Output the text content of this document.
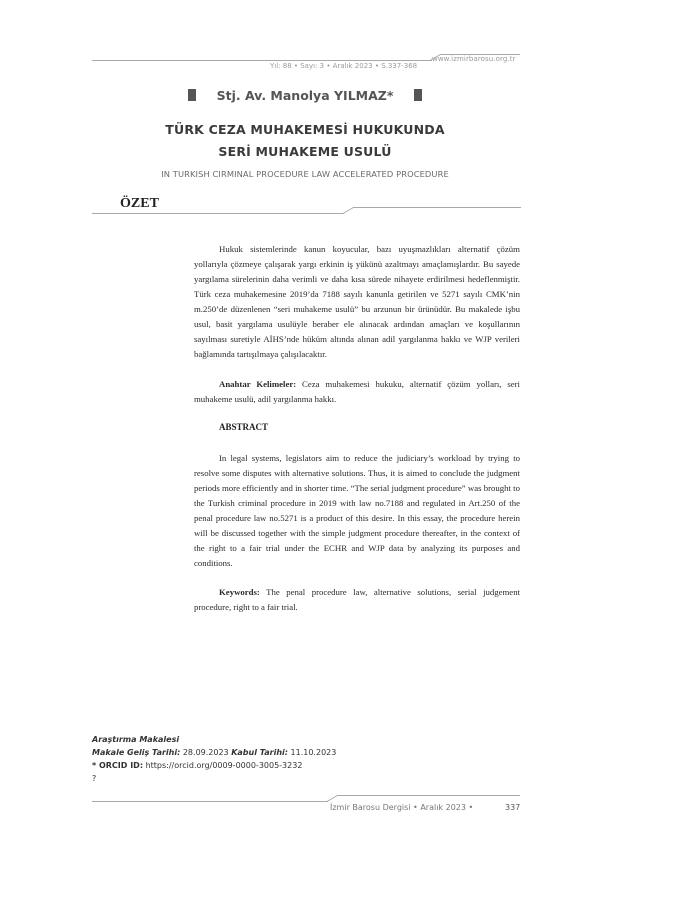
www.izmirbarosu.org.tr
Yıl: 88 • Sayı: 3 • Aralık 2023 • S.337-368
Stj. Av. Manolya YILMAZ*
TÜRK CEZA MUHAKEMESİ HUKUKUNDA
SERİ MUHAKEME USULÜ
IN TURKISH CIRMINAL PROCEDURE LAW ACCELERATED PROCEDURE
ÖZET

Hukuk sistemlerinde kanun koyucular, bazı uyuşmazlıkları alternatif çözüm yollarıyla çözmeye çalışarak yargı erkinin iş yükünü azaltmayı amaçlamışlardır. Bu sayede yargılama sürelerinin daha verimli ve daha kısa sürede nihayete erdirilmesi hedeflenmiştir. Türk ceza muhakemesine 2019’da 7188 sayılı kanunla getirilen ve 5271 sayılı CMK’nin m.250’de düzenlenen “seri muhakeme usulü” bu arzunun bir ürünüdür. Bu makalede işbu usul, basit yargılama usulüyle beraber ele alınacak ardından amaçları ve koşullarının sayılması suretiyle AİHS’nde hüküm altında alınan adil yargılanma hakkı ve WJP verileri bağlamında tartışılmaya çalışılacaktır.

Anahtar Kelimeler: Ceza muhakemesi hukuku, alternatif çözüm yolları, seri muhakeme usulü, adil yargılanma hakkı.

ABSTRACT

In legal systems, legislators aim to reduce the judiciary’s workload by trying to resolve some disputes with alternative solutions. Thus, it is aimed to conclude the judgment periods more efficiently and in shorter time. “The serial judgment procedure” was brought to the Turkish criminal procedure in 2019 with law no.7188 and regulated in Art.250 of the penal procedure law no.5271 is a product of this desire. In this essay, the procedure herein will be discussed together with the simple judgment procedure thereafter, in the context of the right to a fair trial under the ECHR and WJP data by analyzing its purposes and conditions.

Keywords: The penal procedure law, alternative solutions, serial judgement procedure, right to a fair trial.

Araştırma Makalesi
Makale Geliş Tarihi: 28.09.2023 Kabul Tarihi: 11.10.2023
* ORCID ID: https://orcid.org/0009-0000-3005-3232
?
İzmir Barosu Dergisi • Aralık 2023 •	337
